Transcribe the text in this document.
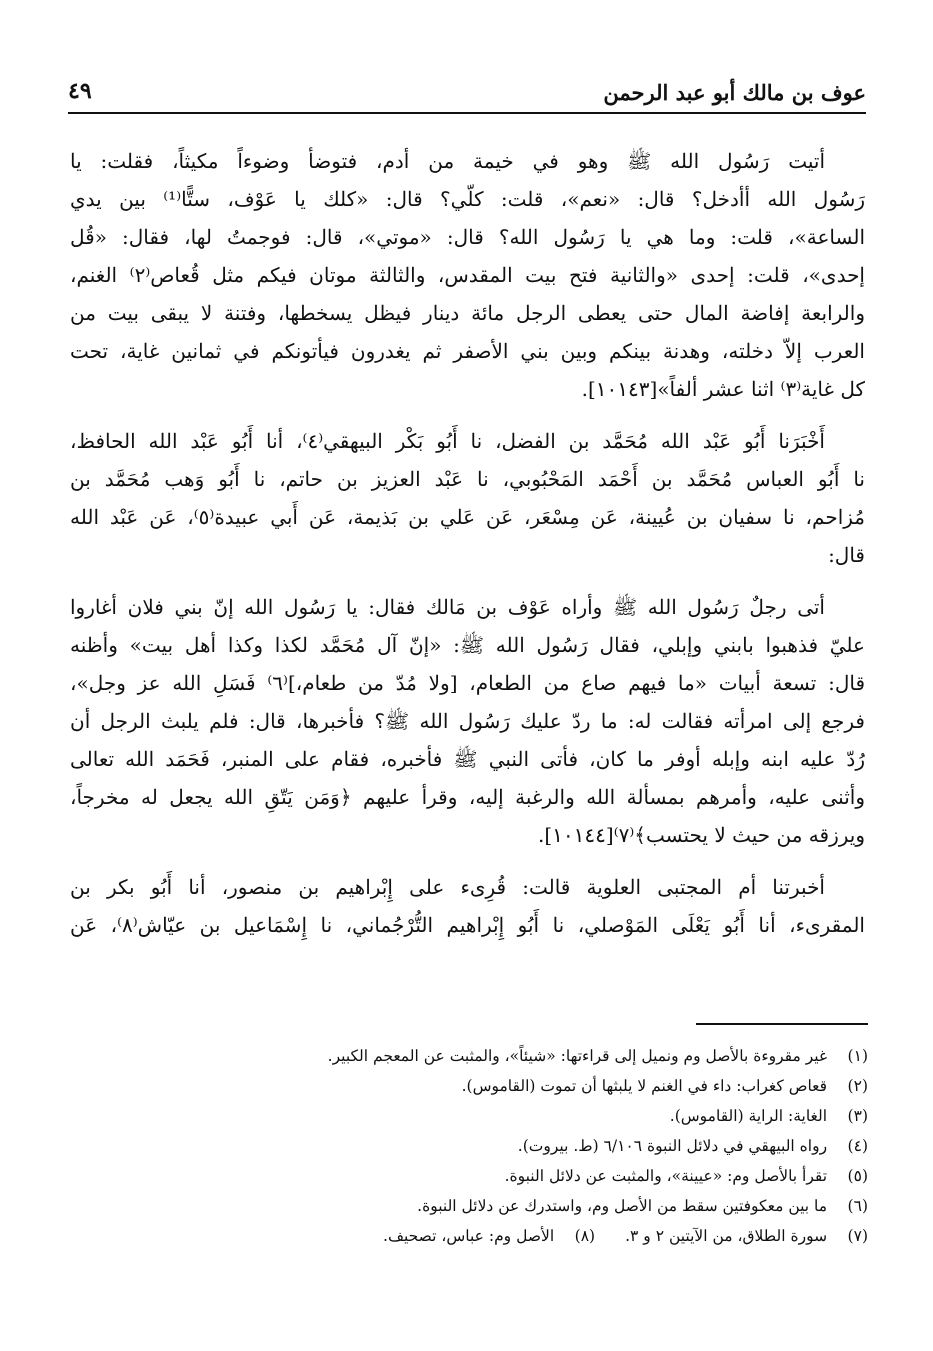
عوف بن مالك أبو عبد الرحمن
٤٩
أتيت رَسُول الله ﷺ وهو في خيمة من أدم، فتوضأ وضوءاً مكيثاً، فقلت: يا
رَسُول الله أأدخل؟ قال: «نعم»، قلت: كلّي؟ قال: «كلك يا عَوْف، ستًّا⁽¹⁾ بين يدي
الساعة»، قلت: وما هي يا رَسُول الله؟ قال: «موتي»، قال: فوجمتُ لها، فقال: «قُل
إحدى»، قلت: إحدى «والثانية فتح بيت المقدس، والثالثة موتان فيكم مثل قُعاص⁽٢⁾ الغنم،
والرابعة إفاضة المال حتى يعطى الرجل مائة دينار فيظل يسخطها، وفتنة لا يبقى بيت من
العرب إلاّ دخلته، وهدنة بينكم وبين بني الأصفر ثم يغدرون فيأتونكم في ثمانين غاية، تحت
كل غاية⁽٣⁾ اثنا عشر ألفاً»[١٠١٤٣].
أَخْبَرَنا أَبُو عَبْد الله مُحَمَّد بن الفضل، نا أَبُو بَكْر البيهقي⁽٤⁾، أنا أَبُو عَبْد الله الحافظ،
نا أَبُو العباس مُحَمَّد بن أَحْمَد المَحْبُوبي، نا عَبْد العزيز بن حاتم، نا أَبُو وَهب مُحَمَّد بن
مُزاحم، نا سفيان بن عُيينة، عَن مِسْعَر، عَن عَلي بن بَذيمة، عَن أَبي عبيدة⁽٥⁾، عَن عَبْد الله
قال:
أتى رجلٌ رَسُول الله ﷺ وأراه عَوْف بن مَالك فقال: يا رَسُول الله إنّ بني فلان أغاروا
عليّ فذهبوا بابني وإبلي، فقال رَسُول الله ﷺ: «إنّ آل مُحَمَّد لكذا وكذا أهل بيت» وأظنه
قال: تسعة أبيات «ما فيهم صاع من الطعام، [ولا مُدّ من طعام،]⁽٦⁾ فَسَلِ الله عز وجل»،
فرجع إلى امرأته فقالت له: ما ردّ عليك رَسُول الله ﷺ؟ فأخبرها، قال: فلم يلبث الرجل أن
رُدّ عليه ابنه وإبله أوفر ما كان، فأتى النبي ﷺ فأخبره، فقام على المنبر، فَحَمَد الله تعالى
وأثنى عليه، وأمرهم بمسألة الله والرغبة إليه، وقرأ عليهم ﴿وَمَن يَتّقِ الله يجعل له مخرجاً،
ويرزقه من حيث لا يحتسب﴾⁽٧⁾[١٠١٤٤].
أخبرتنا أم المجتبى العلوية قالت: قُرِىء على إِبْراهيم بن منصور، أنا أَبُو بكر بن
المقرىء، أنا أَبُو يَعْلَى المَوْصلي، نا أَبُو إِبْراهيم التُّرْجُماني، نا إِسْمَاعيل بن عيّاش⁽٨⁾، عَن
(١) غير مقروءة بالأصل وم ونميل إلى قراءتها: «شيئاً»، والمثبت عن المعجم الكبير.
(٢) قعاص كغراب: داء في الغنم لا يلبثها أن تموت (القاموس).
(٣) الغاية: الراية (القاموس).
(٤) رواه البيهقي في دلائل النبوة ٦/١٠٦ (ط. بيروت).
(٥) تقرأ بالأصل وم: «عيينة»، والمثبت عن دلائل النبوة.
(٦) ما بين معكوفتين سقط من الأصل وم، واستدرك عن دلائل النبوة.
(٧) سورة الطلاق، من الآيتين ٢ و ٣.
(٨) الأصل وم: عباس، تصحيف.
